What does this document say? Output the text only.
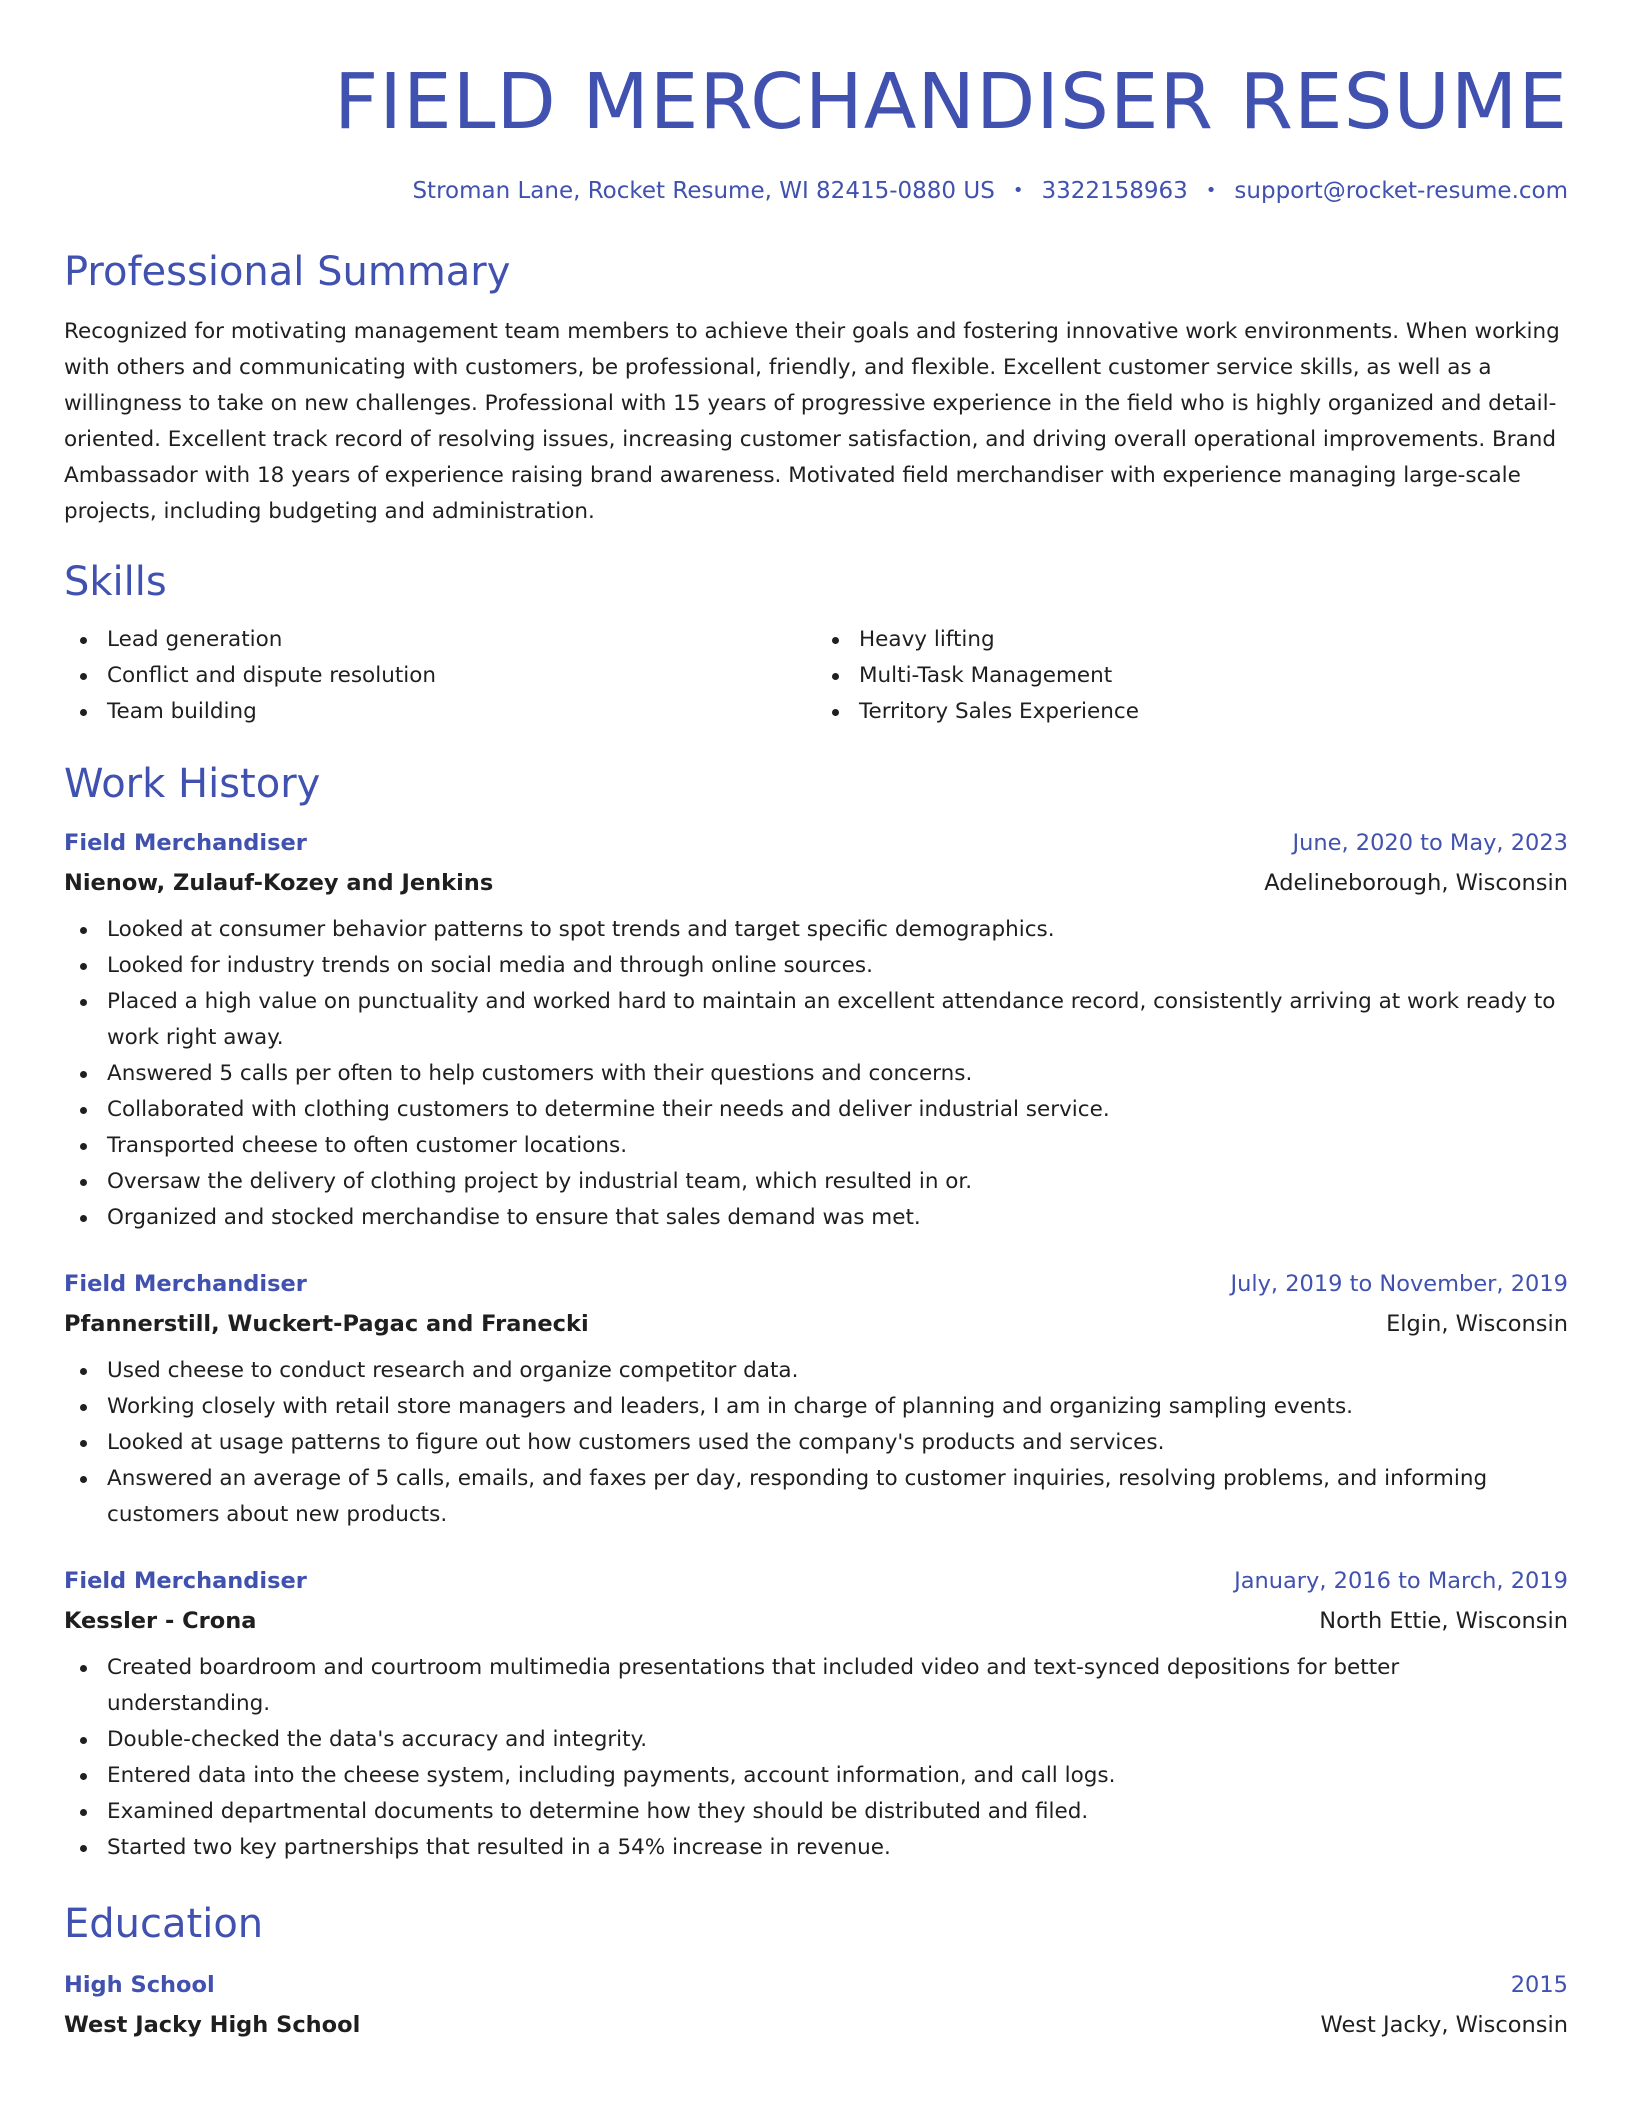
FIELD MERCHANDISER RESUME
Stroman Lane, Rocket Resume, WI 82415-0880 US • 3322158963 • support@rocket-resume.com
Professional Summary
Recognized for motivating management team members to achieve their goals and fostering innovative work environments. When working with others and communicating with customers, be professional, friendly, and flexible. Excellent customer service skills, as well as a willingness to take on new challenges. Professional with 15 years of progressive experience in the field who is highly organized and detail-oriented. Excellent track record of resolving issues, increasing customer satisfaction, and driving overall operational improvements. Brand Ambassador with 18 years of experience raising brand awareness. Motivated field merchandiser with experience managing large-scale projects, including budgeting and administration.
Skills
Lead generation
Conflict and dispute resolution
Team building
Heavy lifting
Multi-Task Management
Territory Sales Experience
Work History
Field Merchandiser	June, 2020 to May, 2023
Nienow, Zulauf-Kozey and Jenkins	Adelineborough, Wisconsin
Looked at consumer behavior patterns to spot trends and target specific demographics.
Looked for industry trends on social media and through online sources.
Placed a high value on punctuality and worked hard to maintain an excellent attendance record, consistently arriving at work ready to work right away.
Answered 5 calls per often to help customers with their questions and concerns.
Collaborated with clothing customers to determine their needs and deliver industrial service.
Transported cheese to often customer locations.
Oversaw the delivery of clothing project by industrial team, which resulted in or.
Organized and stocked merchandise to ensure that sales demand was met.
Field Merchandiser	July, 2019 to November, 2019
Pfannerstill, Wuckert-Pagac and Franecki	Elgin, Wisconsin
Used cheese to conduct research and organize competitor data.
Working closely with retail store managers and leaders, I am in charge of planning and organizing sampling events.
Looked at usage patterns to figure out how customers used the company's products and services.
Answered an average of 5 calls, emails, and faxes per day, responding to customer inquiries, resolving problems, and informing customers about new products.
Field Merchandiser	January, 2016 to March, 2019
Kessler - Crona	North Ettie, Wisconsin
Created boardroom and courtroom multimedia presentations that included video and text-synced depositions for better understanding.
Double-checked the data's accuracy and integrity.
Entered data into the cheese system, including payments, account information, and call logs.
Examined departmental documents to determine how they should be distributed and filed.
Started two key partnerships that resulted in a 54% increase in revenue.
Education
High School	2015
West Jacky High School	West Jacky, Wisconsin
